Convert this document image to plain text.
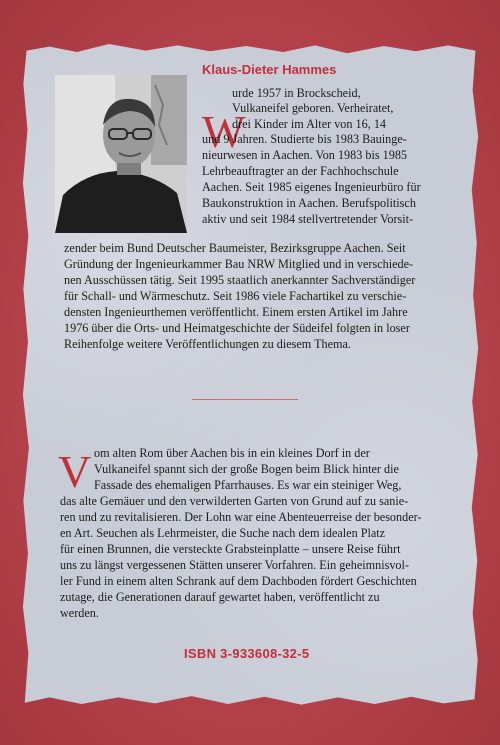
Klaus-Dieter Hammes
W
urde 1957 in Brockscheid,
Vulkaneifel geboren. Verheiratet,
drei Kinder im Alter von 16, 14
und 9 Jahren. Studierte bis 1983 Bauinge-
nieurwesen in Aachen. Von 1983 bis 1985
Lehrbeauftragter an der Fachhochschule
Aachen. Seit 1985 eigenes Ingenieurbüro für
Baukonstruktion in Aachen. Berufspolitisch
aktiv und seit 1984 stellvertretender Vorsit-
zender beim Bund Deutscher Baumeister, Bezirksgruppe Aachen. Seit
Gründung der Ingenieurkammer Bau NRW Mitglied und in verschiede-
nen Ausschüssen tätig. Seit 1995 staatlich anerkannter Sachverständiger
für Schall- und Wärmeschutz. Seit 1986 viele Fachartikel zu verschie-
densten Ingenieurthemen veröffentlicht. Einem ersten Artikel im Jahre
1976 über die Orts- und Heimatgeschichte der Südeifel folgten in loser
Reihenfolge weitere Veröffentlichungen zu diesem Thema.
V om alten Rom über Aachen bis in ein kleines Dorf in der
Vulkaneifel spannt sich der große Bogen beim Blick hinter die
Fassade des ehemaligen Pfarrhauses. Es war ein steiniger Weg,
das alte Gemäuer und den verwilderten Garten von Grund auf zu sanie-
ren und zu revitalisieren. Der Lohn war eine Abenteuerreise der besonder-
en Art. Seuchen als Lehrmeister, die Suche nach dem idealen Platz
für einen Brunnen, die versteckte Grabsteinplatte – unsere Reise führt
uns zu längst vergessenen Stätten unserer Vorfahren. Ein geheimnisvol-
ler Fund in einem alten Schrank auf dem Dachboden fördert Geschichten
zutage, die Generationen darauf gewartet haben, veröffentlicht zu
werden.
ISBN 3-933608-32-5
